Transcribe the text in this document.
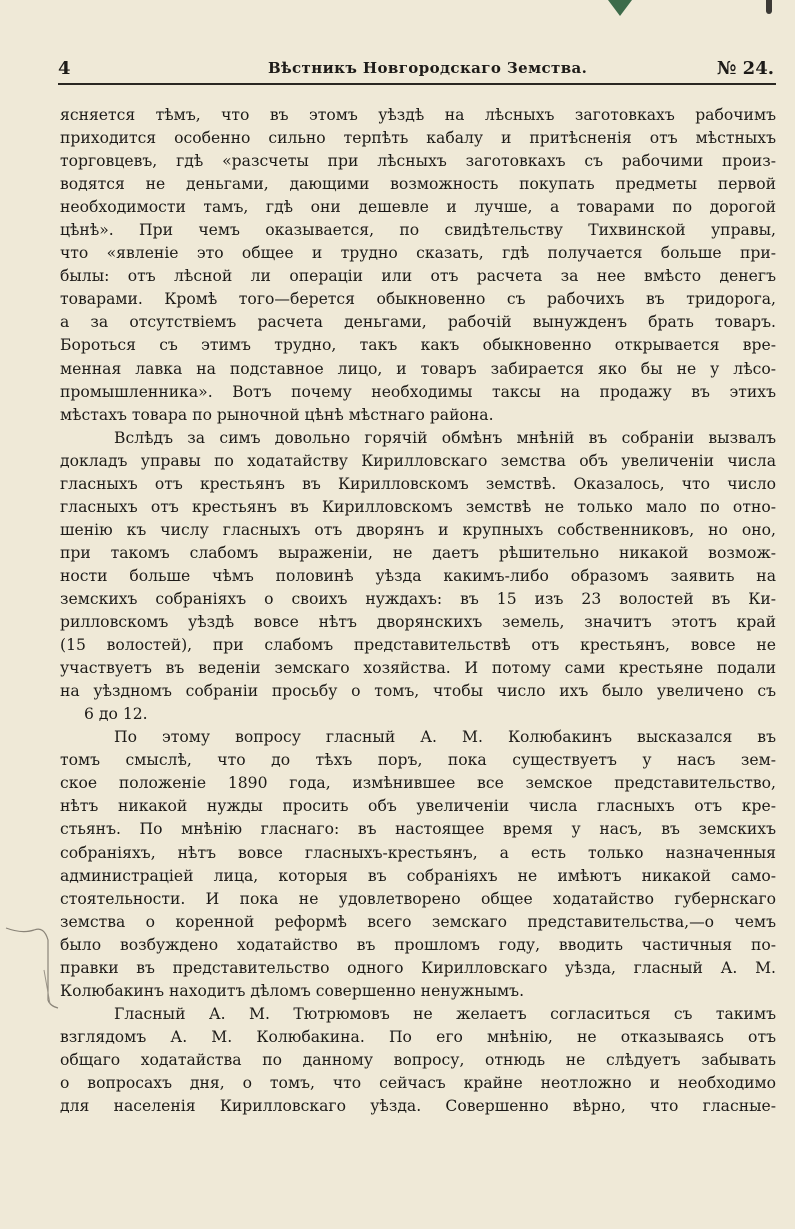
4	Вѣстникъ Новгородскаго Земства.	№ 24.
ясняется тѣмъ, что въ этомъ уѣздѣ на лѣсныхъ заготовкахъ рабочимъ
приходится особенно сильно терпѣть кабалу и притѣсненія отъ мѣстныхъ
торговцевъ, гдѣ «разсчеты при лѣсныхъ заготовкахъ съ рабочими произ-
водятся не деньгами, дающими возможность покупать предметы первой
необходимости тамъ, гдѣ они дешевле и лучше, а товарами по дорогой
цѣнѣ». При чемъ оказывается, по свидѣтельству Тихвинской управы,
что «явленіе это общее и трудно сказать, гдѣ получается больше при-
былы: отъ лѣсной ли операціи или отъ расчета за нее вмѣсто денегъ
товарами. Кромѣ того—берется обыкновенно съ рабочихъ въ тридорога,
а за отсутствіемъ расчета деньгами, рабочій вынужденъ брать товаръ.
Бороться съ этимъ трудно, такъ какъ обыкновенно открывается вре-
менная лавка на подставное лицо, и товаръ забирается яко бы не у лѣсо-
промышленника». Вотъ почему необходимы таксы на продажу въ этихъ
мѣстахъ товара по рыночной цѣнѣ мѣстнаго района.
Вслѣдъ за симъ довольно горячій обмѣнъ мнѣній въ собраніи вызвалъ
докладъ управы по ходатайству Кирилловскаго земства объ увеличеніи числа
гласныхъ отъ крестьянъ въ Кирилловскомъ земствѣ. Оказалось, что число
гласныхъ отъ крестьянъ въ Кирилловскомъ земствѣ не только мало по отно-
шенію къ числу гласныхъ отъ дворянъ и крупныхъ собственниковъ, но оно,
при такомъ слабомъ выраженіи, не даетъ рѣшительно никакой возмож-
ности больше чѣмъ половинѣ уѣзда какимъ-либо образомъ заявить на
земскихъ собраніяхъ о своихъ нуждахъ: въ 15 изъ 23 волостей въ Ки-
рилловскомъ уѣздѣ вовсе нѣтъ дворянскихъ земель, значитъ этотъ край
(15 волостей), при слабомъ представительствѣ отъ крестьянъ, вовсе не
участвуетъ въ веденіи земскаго хозяйства. И потому сами крестьяне подали
на уѣздномъ собраніи просьбу о томъ, чтобы число ихъ было увеличено съ
6 до 12.
По этому вопросу гласный А. М. Колюбакинъ высказался въ
томъ смыслѣ, что до тѣхъ поръ, пока существуетъ у насъ зем-
ское положеніе 1890 года, измѣнившее все земское представительство,
нѣтъ никакой нужды просить объ увеличеніи числа гласныхъ отъ кре-
стьянъ. По мнѣнію гласнаго: въ настоящее время у насъ, въ земскихъ
собраніяхъ, нѣтъ вовсе гласныхъ-крестьянъ, а есть только назначенныя
администраціей лица, которыя въ собраніяхъ не имѣютъ никакой само-
стоятельности. И пока не удовлетворено общее ходатайство губернскаго
земства о коренной реформѣ всего земскаго представительства,—о чемъ
было возбуждено ходатайство въ прошломъ году, вводить частичныя по-
правки въ представительство одного Кирилловскаго уѣзда, гласный А. М.
Колюбакинъ находитъ дѣломъ совершенно ненужнымъ.
Гласный А. М. Тютрюмовъ не желаетъ согласиться съ такимъ
взглядомъ А. М. Колюбакина. По его мнѣнію, не отказываясь отъ
общаго ходатайства по данному вопросу, отнюдь не слѣдуетъ забывать
о вопросахъ дня, о томъ, что сейчасъ крайне неотложно и необходимо
для населенія Кирилловскаго уѣзда. Совершенно вѣрно, что гласные-
